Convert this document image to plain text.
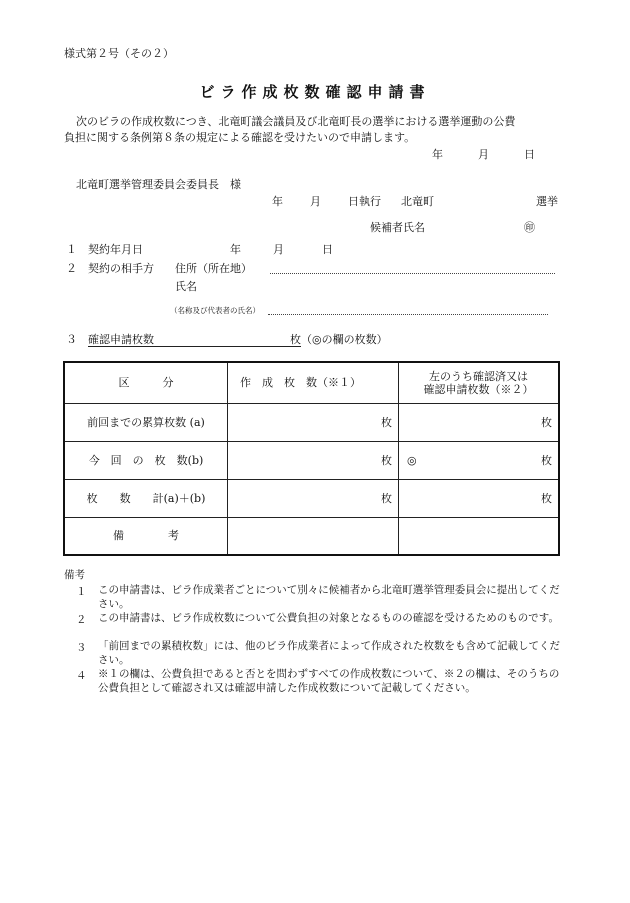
様式第２号（その２）
ビラ作成枚数確認申請書
次のビラの作成枚数につき、北竜町議会議員及び北竜町長の選挙における選挙運動の公費
負担に関する条例第８条の規定による確認を受けたいので申請します。
年	月	日
北竜町選挙管理委員会委員長　様
年 月 日執行 北竜町	選挙
候補者氏名	㊞
１ 契約年月日	年	月	日
２ 契約の相手方 住所（所在地）
氏名
（名称及び代表者の氏名）
３ 確認申請枚数	枚（◎の欄の枚数）
区　　　分	作　成　枚　数（※１）	左のうち確認済又は
確認申請枚数（※２）

前回までの累算枚数 (a)	枚	枚

今　回　の　枚　数(b)	枚	◎ 枚

枚　　数　　計(a)＋(b)	枚	枚

備　　　　考		
備考
１ この申請書は、ビラ作成業者ごとについて別々に候補者から北竜町選挙管理委員会に提出してください。
２ この申請書は、ビラ作成枚数について公費負担の対象となるものの確認を受けるためのものです。
３ 「前回までの累積枚数」には、他のビラ作成業者によって作成された枚数をも含めて記載してください。
４ ※１の欄は、公費負担であると否とを問わずすべての作成枚数について、※２の欄は、そのうちの公費負担として確認され又は確認申請した作成枚数について記載してください。
